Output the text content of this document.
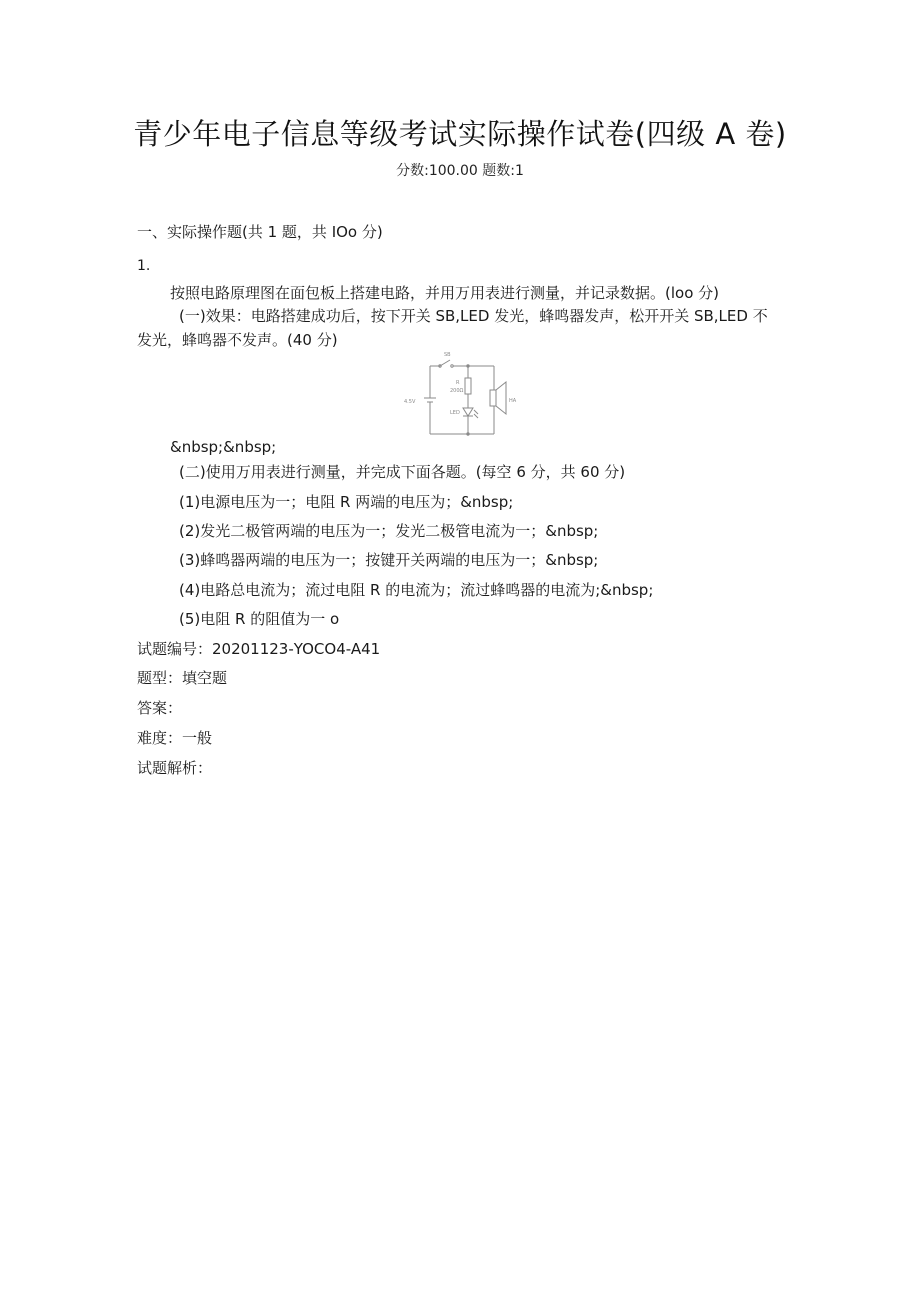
青少年电子信息等级考试实际操作试卷(四级 A 卷)
分数:100.00 题数:1
一、实际操作题(共 1 题，共 IOo 分)
1.
按照电路原理图在面包板上搭建电路，并用万用表进行测量，并记录数据。(loo 分)
(一)效果：电路搭建成功后，按下开关 SB,LED 发光，蜂鸣器发声，松开开关 SB,LED 不
发光，蜂鸣器不发声。(40 分)
SB
4.5V
R
200Ω
LED
HA
&nbsp;&nbsp;
(二)使用万用表进行测量，并完成下面各题。(每空 6 分，共 60 分)
(1)电源电压为一；电阻 R 两端的电压为；&nbsp;
(2)发光二极管两端的电压为一；发光二极管电流为一；&nbsp;
(3)蜂鸣器两端的电压为一；按键开关两端的电压为一；&nbsp;
(4)电路总电流为；流过电阻 R 的电流为；流过蜂鸣器的电流为;&nbsp;
(5)电阻 R 的阻值为一 o
试题编号：20201123-YOCO4-A41
题型：填空题
答案：
难度：一般
试题解析：
